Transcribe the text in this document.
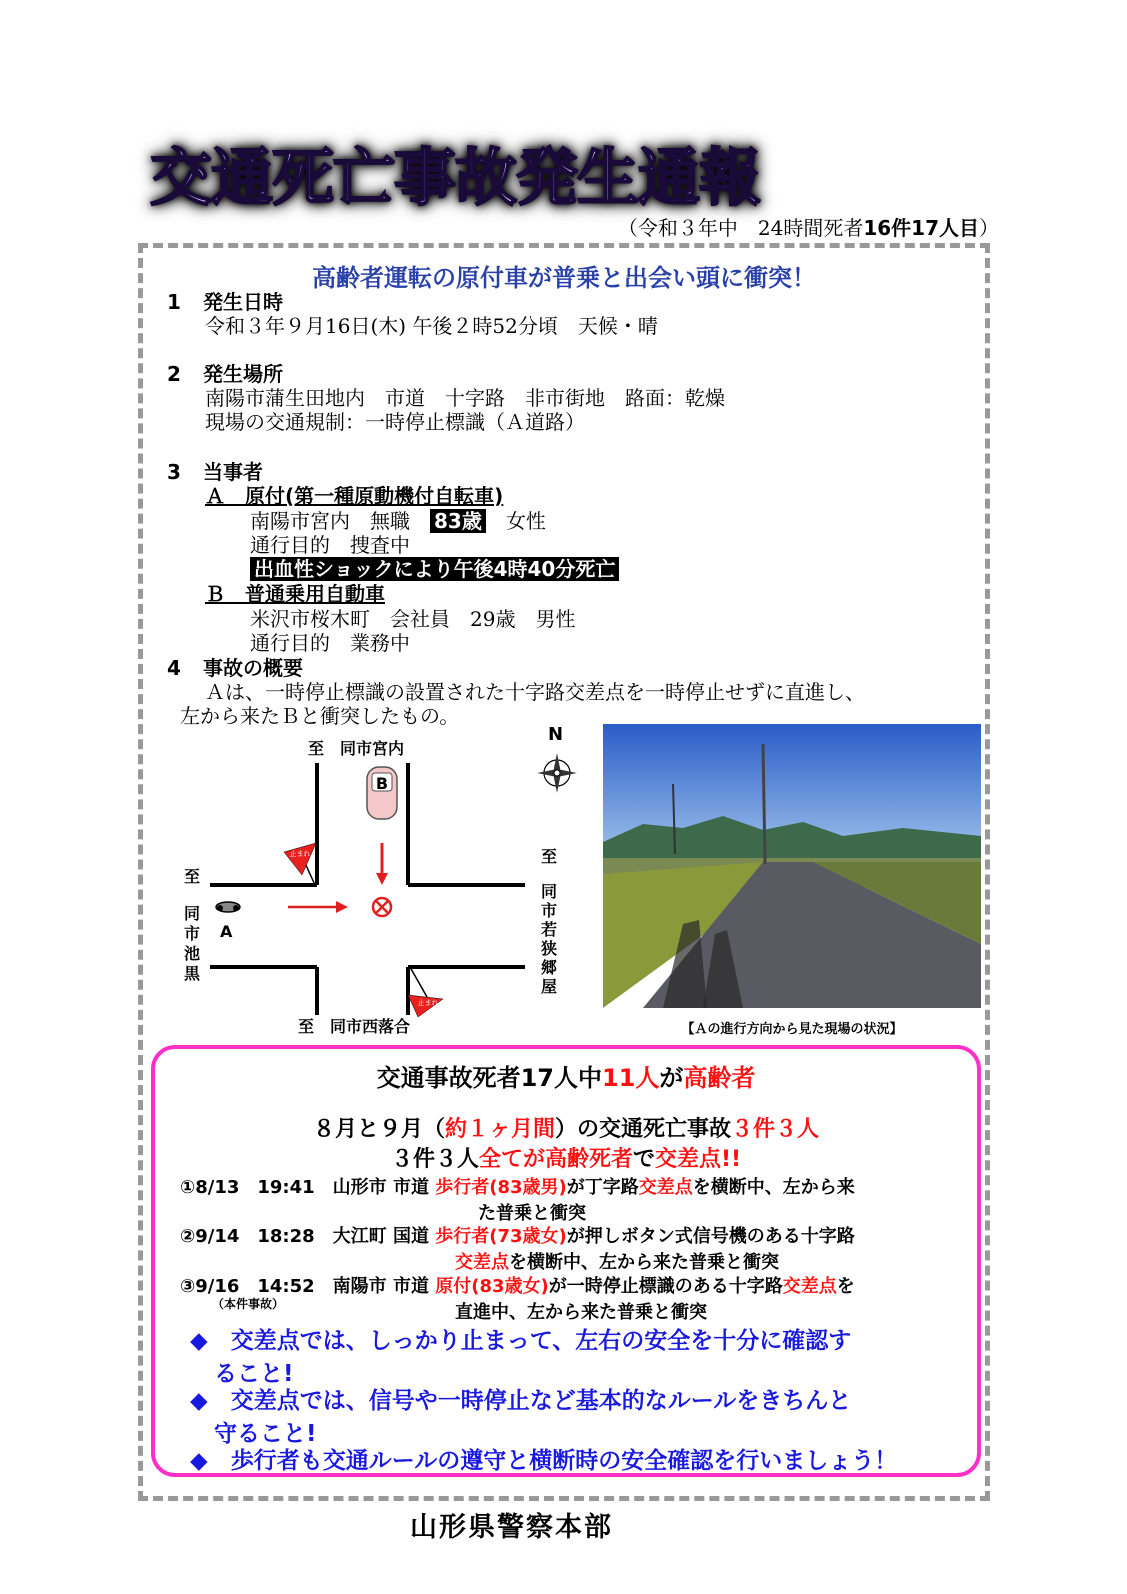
交通死亡事故発生通報
（令和３年中　24時間死者16件17人目）
高齢者運転の原付車が普乗と出会い頭に衝突！
1 発生日時
令和３年９月16日(木) 午後２時52分頃　天候・晴
2 発生場所
南陽市蒲生田地内　市道　十字路　非市街地　路面：乾燥
現場の交通規制：一時停止標識（Ａ道路）
3 当事者
Ａ　原付(第一種原動機付自転車)
南陽市宮内　無職　83歳　女性
通行目的　捜査中
出血性ショックにより午後4時40分死亡
Ｂ　普通乗用自動車
米沢市桜木町　会社員　29歳　男性
通行目的　業務中
4 事故の概要
Ａは、一時停止標識の設置された十字路交差点を一時停止せずに直進し、
左から来たＢと衝突したもの。
B
止まれ
止まれ
N
至　同市宮内
至　同市西落合
至
同市池黒
A
至
同市若狭郷屋
【Ａの進行方向から見た現場の状況】
交通事故死者17人中11人が高齢者
８月と９月（約１ヶ月間）の交通死亡事故３件３人
３件３人全てが高齢死者で交差点!!
①8/13　19:41　山形市 市道 歩行者(83歳男)が丁字路交差点を横断中、左から来
た普乗と衝突
②9/14　18:28　大江町 国道 歩行者(73歳女)が押しボタン式信号機のある十字路
交差点を横断中、左から来た普乗と衝突
③9/16　14:52　南陽市 市道 原付(83歳女)が一時停止標識のある十字路交差点を
直進中、左から来た普乗と衝突
（本件事故）
◆　交差点では、しっかり止まって、左右の安全を十分に確認す
ること!
◆　交差点では、信号や一時停止など基本的なルールをきちんと
守ること!
◆　歩行者も交通ルールの遵守と横断時の安全確認を行いましょう！
山形県警察本部
